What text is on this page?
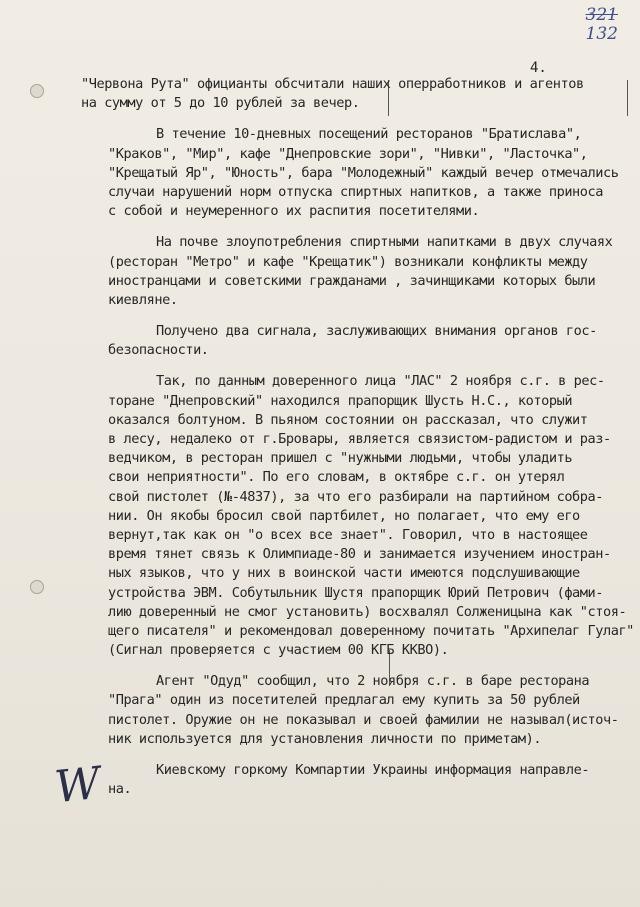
321
132
4.
"Червона Рута" официанты обсчитали наших оперработников и агентов
на сумму от 5 до 10 рублей за вечер.
В течение 10-дневных посещений ресторанов "Братислава",
"Краков", "Мир", кафе "Днепровские зори", "Нивки", "Ласточка",
"Крещатый Яр", "Юность", бара "Молодежный" каждый вечер отмечались
случаи нарушений норм отпуска спиртных напитков, а также приноса
с собой и неумеренного их распития посетителями.
На почве злоупотребления спиртными напитками в двух случаях
(ресторан "Метро" и кафе "Крещатик") возникали конфликты между
иностранцами и советскими гражданами , зачинщиками которых были
киевляне.
Получено два сигнала, заслуживающих внимания органов гос-
безопасности.
Так, по данным доверенного лица "ЛАС" 2 ноября с.г. в рес-
торане "Днепровский" находился прапорщик Шусть Н.С., который
оказался болтуном. В пьяном состоянии он рассказал, что служит
в лесу, недалеко от г.Бровары, является связистом-радистом и раз-
ведчиком, в ресторан пришел с "нужными людьми, чтобы уладить
свои неприятности". По его словам, в октябре с.г. он утерял
свой пистолет (№-4837), за что его разбирали на партийном собра-
нии. Он якобы бросил свой партбилет, но полагает, что ему его
вернут,так как он "о всех все знает". Говорил, что в настоящее
время тянет связь к Олимпиаде-80 и занимается изучением иностран-
ных языков, что у них в воинской части имеются подслушивающие
устройства ЭВМ. Собутыльник Шустя прапорщик Юрий Петрович (фами-
лию доверенный не смог установить) восхвалял Солженицына как "стоя-
щего писателя" и рекомендовал доверенному почитать "Архипелаг Гулаг"
(Сигнал проверяется с участием 00 КГБ ККВО).
Агент "Одуд" сообщил, что 2 ноября с.г. в баре ресторана
"Прага" один из посетителей предлагал ему купить за 50 рублей
пистолет. Оружие он не показывал и своей фамилии не называл(источ-
ник используется для установления личности по приметам).
Киевскому горкому Компартии Украины информация направле-
на.
W
